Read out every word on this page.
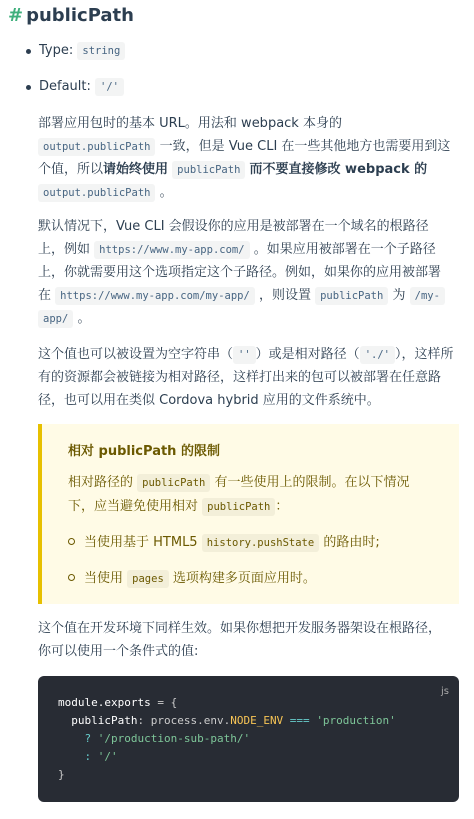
# publicPath
Type: string
Default: '/'
部署应用包时的基本 URL。用法和 webpack 本身的
output.publicPath 一致，但是 Vue CLI 在一些其他地方也需要用到这
个值，所以请始终使用 publicPath 而不要直接修改 webpack 的
output.publicPath 。
默认情况下，Vue CLI 会假设你的应用是被部署在一个域名的根路径
上，例如 https://www.my-app.com/ 。如果应用被部署在一个子路径
上，你就需要用这个选项指定这个子路径。例如，如果你的应用被部署
在 https://www.my-app.com/my-app/ ，则设置 publicPath 为 /my-
app/ 。
这个值也可以被设置为空字符串（ '' ）或是相对路径（ './' ），这样所
有的资源都会被链接为相对路径，这样打出来的包可以被部署在任意路
径，也可以用在类似 Cordova hybrid 应用的文件系统中。
相对 publicPath 的限制
相对路径的 publicPath 有一些使用上的限制。在以下情况
下，应当避免使用相对 publicPath ：
当使用基于 HTML5 history.pushState 的路由时;
当使用 pages 选项构建多页面应用时。
这个值在开发环境下同样生效。如果你想把开发服务器架设在根路径，
你可以使用一个条件式的值:
js
module.exports = {
publicPath: process.env.NODE_ENV === 'production'
? '/production-sub-path/'
: '/'
}
